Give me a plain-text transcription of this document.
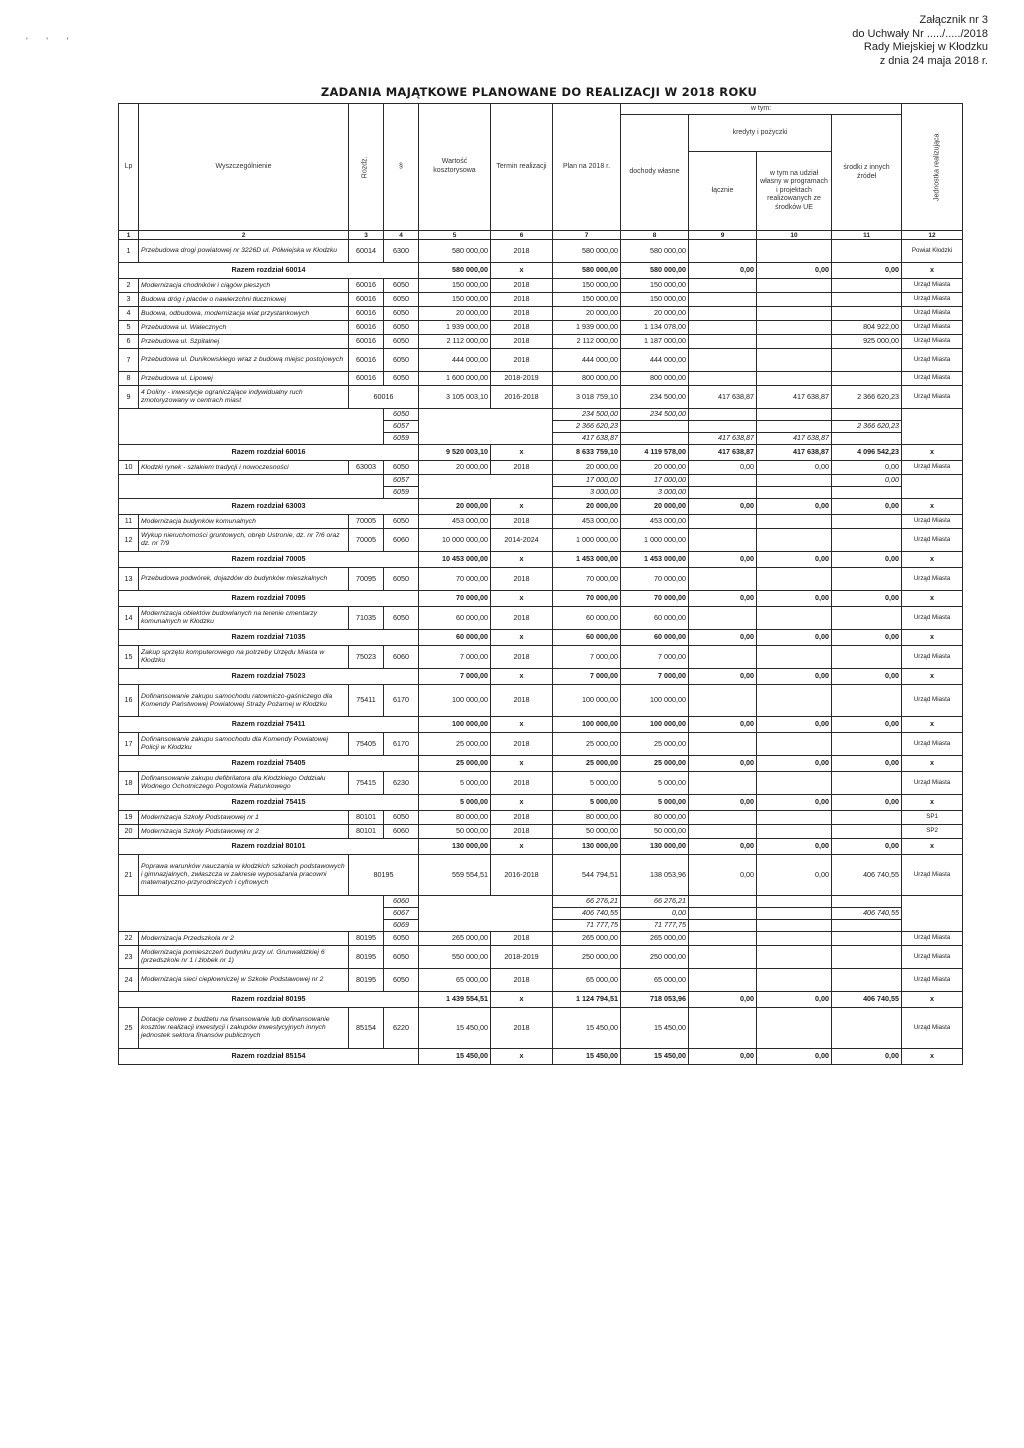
' ' '
Załącznik nr 3
do Uchwały Nr ...../...../2018
Rady Miejskiej w Kłodzku
z dnia 24 maja 2018 r.
ZADANIA MAJĄTKOWE PLANOWANE DO REALIZACJI W 2018 ROKU
Lp	Wyszczególnienie	Rozdz.	§	Wartość kosztorysowa	Termin realizacji	Plan na 2018 r.	w tym:				Jednostka realizująca
							dochody własne	kredyty i pożyczki		środki z innych źródeł	
								łącznie	w tym na udział własny w programach i projektach realizowanych ze środków UE		
1	2	3	4	5	6	7	8	9	10	11	12
1	Przebudowa drogi powiatowej nr 3226D ul. Półwiejska w Kłodzku	60014	6300	580 000,00	2018	580 000,00	580 000,00				Powiat Kłodzki
Razem rozdział 60014				580 000,00	x	580 000,00	580 000,00	0,00	0,00	0,00	x
2	Modernizacja chodników i ciągów pieszych	60016	6050	150 000,00	2018	150 000,00	150 000,00				Urząd Miasta
3	Budowa dróg i placów o nawierzchni tłuczniowej	60016	6050	150 000,00	2018	150 000,00	150 000,00				Urząd Miasta
4	Budowa, odbudowa, modernizacja wiat przystankowych	60016	6050	20 000,00	2018	20 000,00	20 000,00				Urząd Miasta
5	Przebudowa ul. Walecznych	60016	6050	1 939 000,00	2018	1 939 000,00	1 134 078,00			804 922,00	Urząd Miasta
6	Przebudowa ul. Szpitalnej	60016	6050	2 112 000,00	2018	2 112 000,00	1 187 000,00			925 000,00	Urząd Miasta
7	Przebudowa ul. Dunikowskiego wraz z budową miejsc postojowych	60016	6050	444 000,00	2018	444 000,00	444 000,00				Urząd Miasta
8	Przebudowa ul. Lipowej	60016	6050	1 600 000,00	2018-2019	800 000,00	800 000,00				Urząd Miasta
9	4 Doliny - inwestycje ograniczające indywidualny ruch zmotoryzowany w centrach miast	60016		3 105 003,10	2016-2018	3 018 759,10	234 500,00	417 638,87	417 638,87	2 366 620,23	Urząd Miasta
			6050			234 500,00	234 500,00				
			6057			2 366 620,23				2 366 620,23	
			6059			417 638,87		417 638,87	417 638,87		
Razem rozdział 60016				9 520 003,10	x	8 633 759,10	4 119 578,00	417 638,87	417 638,87	4 096 542,23	x
10	Kłodzki rynek - szlakiem tradycji i nowoczesności	63003	6050	20 000,00	2018	20 000,00	20 000,00	0,00	0,00	0,00	Urząd Miasta
			6057			17 000,00	17 000,00			0,00	
			6059			3 000,00	3 000,00				
Razem rozdział 63003				20 000,00	x	20 000,00	20 000,00	0,00	0,00	0,00	x
11	Modernizacja budynków komunalnych	70005	6050	453 000,00	2018	453 000,00	453 000,00				Urząd Miasta
12	Wykup nieruchomości gruntowych, obręb Ustronie, dz. nr 7/6 oraz dz. nr 7/9	70005	6060	10 000 000,00	2014-2024	1 000 000,00	1 000 000,00				Urząd Miasta
Razem rozdział 70005				10 453 000,00	x	1 453 000,00	1 453 000,00	0,00	0,00	0,00	x
13	Przebudowa podwórek, dojazdów do budynków mieszkalnych	70095	6050	70 000,00	2018	70 000,00	70 000,00				Urząd Miasta
Razem rozdział 70095				70 000,00	x	70 000,00	70 000,00	0,00	0,00	0,00	x
14	Modernizacja obiektów budowlanych na terenie cmentarzy komunalnych w Kłodzku	71035	6050	60 000,00	2018	60 000,00	60 000,00				Urząd Miasta
Razem rozdział 71035				60 000,00	x	60 000,00	60 000,00	0,00	0,00	0,00	x
15	Zakup sprzętu komputerowego na potrzeby Urzędu Miasta w Kłodzku	75023	6060	7 000,00	2018	7 000,00	7 000,00				Urząd Miasta
Razem rozdział 75023				7 000,00	x	7 000,00	7 000,00	0,00	0,00	0,00	x
16	Dofinansowanie zakupu samochodu ratowniczo-gaśniczego dla Komendy Państwowej Powiatowej Straży Pożarnej w Kłodzku	75411	6170	100 000,00	2018	100 000,00	100 000,00				Urząd Miasta
Razem rozdział 75411				100 000,00	x	100 000,00	100 000,00	0,00	0,00	0,00	x
17	Dofinansowanie zakupu samochodu dla Komendy Powiatowej Policji w Kłodzku	75405	6170	25 000,00	2018	25 000,00	25 000,00				Urząd Miasta
Razem rozdział 75405				25 000,00	x	25 000,00	25 000,00	0,00	0,00	0,00	x
18	Dofinansowanie zakupu defibrilatora dla Kłodzkiego Oddziału Wodnego Ochotniczego Pogotowia Ratunkowego	75415	6230	5 000,00	2018	5 000,00	5 000,00				Urząd Miasta
Razem rozdział 75415				5 000,00	x	5 000,00	5 000,00	0,00	0,00	0,00	x
19	Modernizacja Szkoły Podstawowej nr 1	80101	6050	80 000,00	2018	80 000,00	80 000,00				SP1
20	Modernizacja Szkoły Podstawowej nr 2	80101	6060	50 000,00	2018	50 000,00	50 000,00				SP2
Razem rozdział 80101				130 000,00	x	130 000,00	130 000,00	0,00	0,00	0,00	x
21	Poprawa warunków nauczania w kłodzkich szkołach podstawowych i gimnazjalnych, zwłaszcza w zakresie wyposażania pracowni matematyczno-przyrodniczych i cyfrowych	80195		559 554,51	2016-2018	544 794,51	138 053,96	0,00	0,00	406 740,55	Urząd Miasta
			6060			66 276,21	66 276,21				
			6067			406 740,55	0,00			406 740,55	
			6069			71 777,75	71 777,75				
22	Modernizacja Przedszkola nr 2	80195	6050	265 000,00	2018	265 000,00	265 000,00				Urząd Miasta
23	Modernizacja pomieszczeń budynku przy ul. Grunwaldzkiej 6 (przedszkole nr 1 i żłobek nr 1)	80195	6050	550 000,00	2018-2019	250 000,00	250 000,00				Urząd Miasta
24	Modernizacja sieci ciepłowniczej w Szkole Podstawowej nr 2	80195	6050	65 000,00	2018	65 000,00	65 000,00				Urząd Miasta
Razem rozdział 80195				1 439 554,51	x	1 124 794,51	718 053,96	0,00	0,00	406 740,55	x
25	Dotacje celowe z budżetu na finansowanie lub dofinansowanie kosztów realizacji inwestycji i zakupów inwestycyjnych innych jednostek sektora finansów publicznych	85154	6220	15 450,00	2018	15 450,00	15 450,00				Urząd Miasta
Razem rozdział 85154				15 450,00	x	15 450,00	15 450,00	0,00	0,00	0,00	x
